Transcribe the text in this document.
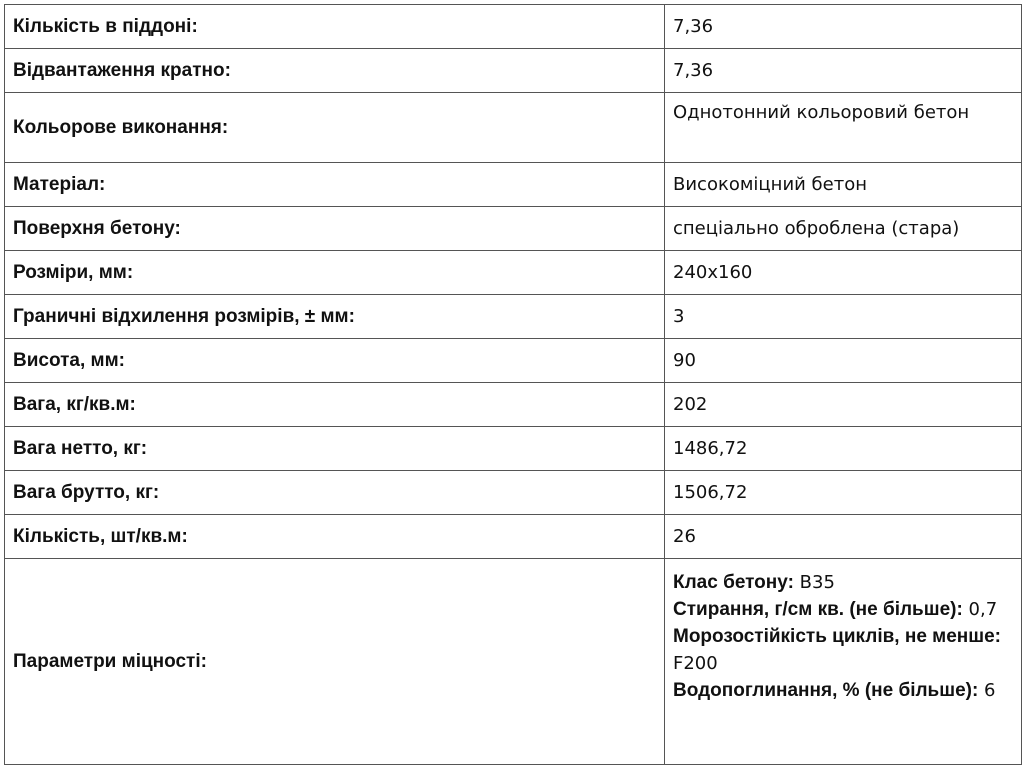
Кількість в піддоні:	7,36
Відвантаження кратно:	7,36
Кольорове виконання:	Однотонний кольоровий бетон
Матеріал:	Високоміцний бетон
Поверхня бетону:	спеціально оброблена (стара)
Розміри, мм:	240x160
Граничні відхилення розмірів, ± мм:	3
Висота, мм:	90
Вага, кг/кв.м:	202
Вага нетто, кг:	1486,72
Вага брутто, кг:	1506,72
Кількість, шт/кв.м:	26
Параметри міцності:	Клас бетону: B35
Стирання, г/см кв. (не більше): 0,7
Морозостійкість циклів, не менше: F200
Водопоглинання, % (не більше): 6
